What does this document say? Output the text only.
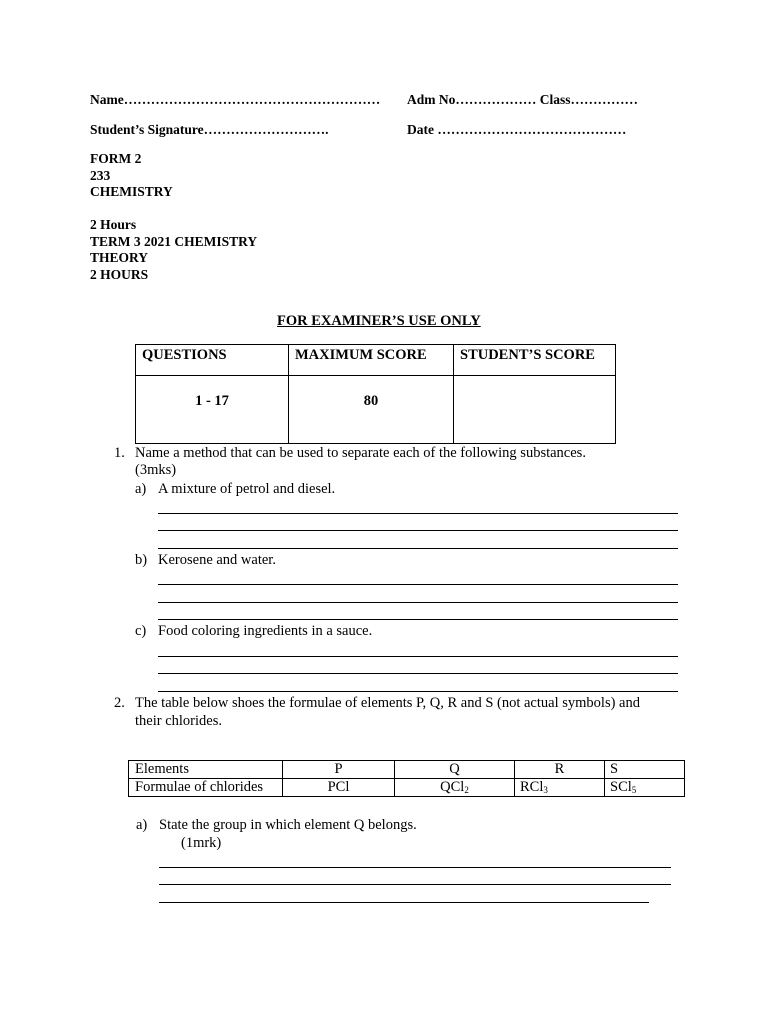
Name………………………………………………… Adm No……………… Class……………
Student’s Signature……………………….	Date ……………………………………
FORM 2
233
CHEMISTRY
2 Hours
TERM 3 2021 CHEMISTRY
THEORY
2 HOURS
FOR EXAMINER’S USE ONLY
QUESTIONS	MAXIMUM SCORE	STUDENT’S SCORE
1 - 17	80	
1. Name a method that can be used to separate each of the following substances.
(3mks)
a) A mixture of petrol and diesel.
b) Kerosene and water.
c) Food coloring ingredients in a sauce.
2. The table below shoes the formulae of elements P, Q, R and S (not actual symbols) and
their chlorides.
Elements	P	Q	R	S
Formulae of chlorides	PCl	QCl$_2$	RCl$_3$	SCl$_5$
a) State the group in which element Q belongs.
(1mrk)
